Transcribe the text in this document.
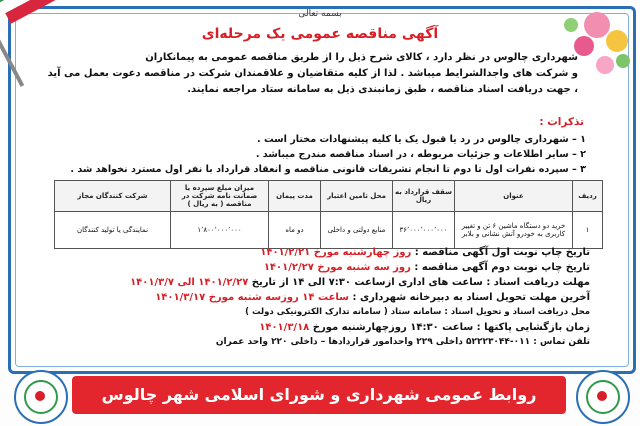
بسمه تعالی
آگهی مناقصه عمومی یک مرحله‌ای
شهرداری چالوس در نظر دارد ، کالای شرح ذیل را از طریق مناقصه عمومی به پیمانکاران
و شرکت های واجدالشرایط میباشد . لذا از کلیه متقاضیان و علاقمندان شرکت در مناقصه دعوت بعمل می آید
، جهت دریافت اسناد مناقصه ، طبق زمانبندی ذیل به سامانه ستاد مراجعه نمایند.
تذکرات :
۱ – شهرداری چالوس در رد یا قبول یک یا کلیه پیشنهادات مختار است .
۲ – سایر اطلاعات و جزئیات مربوطه ، در اسناد مناقصه مندرج میباشد .
۳ – سپرده نفرات اول تا دوم تا انجام تشریفات قانونی مناقصه و انعقاد قرارداد با نفر اول مسترد نخواهد شد .
ردیف	عنوان	سقف قرارداد به ریال	محل تامین اعتبار	مدت پیمان	میزان مبلغ سپرده یا ضمانت نامه شرکت در مناقصه ( به ریال )	شرکت کنندگان مجاز
۱	خرید دو دستگاه ماشین ۶ تن و تغییر کاربری به خودرو آتش نشانی و بلابر	۳۶٬۰۰۰٬۰۰۰٬۰۰۰	منابع دولتی و داخلی	دو ماه	۱٬۸۰۰٬۰۰۰٬۰۰۰	نمایندگی یا تولید کنندگان
تاریخ چاپ نوبت اول آگهی مناقصه : روز چهارشنبه مورخ ۱۴۰۱/۲/۲۱
تاریخ چاپ نوبت دوم آگهی مناقصه : روز سه شنبه مورخ ۱۴۰۱/۲/۲۷
مهلت دریافت اسناد : ساعت های اداری ازساعت ۷:۳۰ الی ۱۴ از تاریخ ۱۴۰۱/۲/۲۷ الی ۱۴۰۱/۳/۷
آخرین مهلت تحویل اسناد به دبیرخانه شهرداری : ساعت ۱۴ روزسه شنبه مورخ ۱۴۰۱/۳/۱۷
محل دریافت اسناد و تحویل اسناد : سامانه ستاد ( سامانه تدارک الکترونیکی دولت )
زمان بازگشایی پاکتها : ساعت ۱۴:۳۰ روزچهارشنبه مورخ ۱۴۰۱/۳/۱۸
تلفن تماس : ۰۱۱-۵۲۲۲۳۰۴۴ داخلی ۲۲۹ واحدامور قراردادها – داخلی ۲۲۰ واحد عمران
روابط عمومی شهرداری و شورای اسلامی شهر چالوس
